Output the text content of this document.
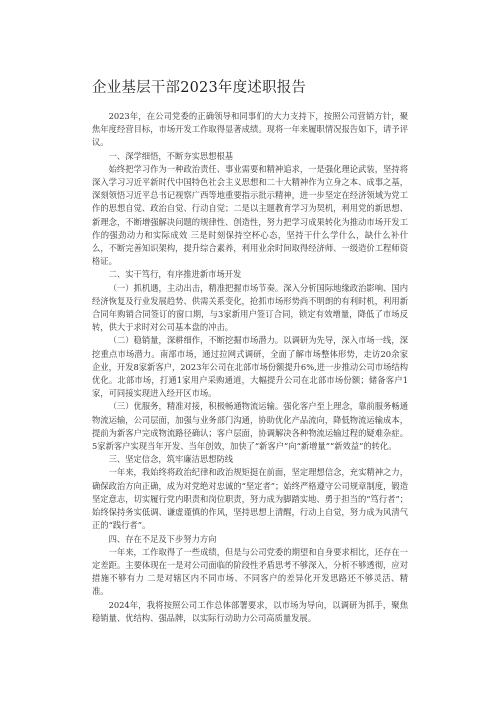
企业基层干部2023年度述职报告

2023年，在公司党委的正确领导和同事们的大力支持下，按照公司营销方针，聚焦年度经营目标，市场开发工作取得显著成绩。现将一年来履职情况报告如下，请予评议。

一、深学细悟，不断夯实思想根基

始终把学习作为一种政治责任、事业需要和精神追求，一是强化理论武装，坚持将深入学习习近平新时代中国特色社会主义思想和二十大精神作为立身之本、成事之基，深刻领悟习近平总书记视察广西等地重要指示批示精神，进一步坚定在经济领域为党工作的思想自觉、政治自觉、行动自觉；二是以主题教育学习为契机，利用党的新思想、新理念，不断增强解决问题的规律性、创造性，努力把学习成果转化为推动市场开发工作的强劲动力和实际成效 三是时刻保持空杯心态，坚持干什么学什么，缺什么补什么，不断完善知识架构，提升综合素养，利用业余时间取得经济师、一级造价工程师资格证。

二、实干笃行，有序推进新市场开发

（一）抓机遇，主动出击，精准把握市场节奏。深入分析国际地缘政治影响、国内经济恢复及行业发展趋势、供需关系变化，抢抓市场形势尚不明朗的有利时机，利用新合同年购销合同签订的窗口期，与3家新用户签订合同，锁定有效增量，降低了市场反转，供大于求时对公司基本盘的冲击。

（二）稳销量，深耕细作，不断挖掘市场潜力。以调研为先导，深入市场一线，深挖重点市场潜力。南部市场，通过拉网式调研，全面了解市场整体形势，走访20余家企业，开发8家新客户，2023年公司在北部市场份额提升6%,进一步推动公司市场结构优化。北部市场，打通1家用户采购通道，大幅提升公司在北部市场份额；储备客户1家，可同接实现进入经开区市场。

（三）优服务，精准对接，积极畅通物流运输。强化客户至上理念，靠前服务畅通物流运输，公司层面，加强与业务部门沟通，协助优化产品流向，降低物流运输成本，提前为新客户完成物流路径确认；客户层面，协调解决各种物流运输过程的疑难杂症。5家新客户实现当年开发、当年创效，加快了“新客户”向“新增量”“新效益”的转化。

三、坚定信念，筑牢廉洁思想防线

一年来，我始终将政治纪律和政治规矩挺在前面，坚定理想信念，充实精神之力，确保政治方向正确，成为对党绝对忠诚的“坚定者”；始终严格遵守公司规章制度，锻造坚定意志，切实履行党内职责和岗位职责，努力成为脚踏实地、勇于担当的“笃行者”；始终保持务实低调、谦虚谨慎的作风，坚持思想上清醒，行动上自觉，努力成为风清气正的“践行者”。

四、存在不足及下步努力方向

一年来，工作取得了一些成绩，但是与公司党委的期望和自身要求相比，还存在一定差距。主要体现在一是对公司面临的阶段性矛盾思考不够深入，分析不够透彻，应对措施不够有力 二是对辖区内不同市场、不同客户的差异化开发思路还不够灵活、精准。

2024年，我将按照公司工作总体部署要求，以市场为导向，以调研为抓手，聚焦稳销量、优结构、强品牌，以实际行动助力公司高质量发展。
